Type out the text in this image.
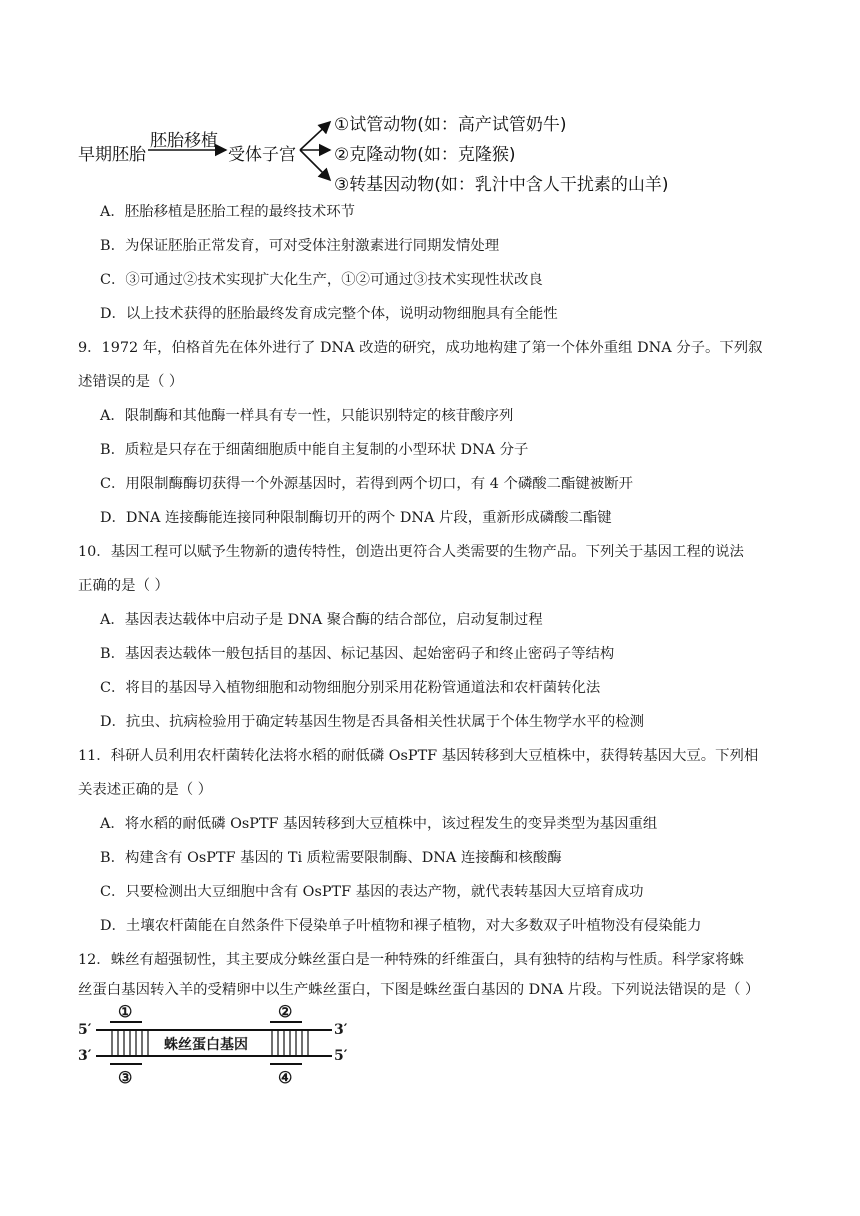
早期胚胎
胚胎移植
受体子宫
①试管动物(如：高产试管奶牛)
②克隆动物(如：克隆猴)
③转基因动物(如：乳汁中含人干扰素的山羊)
A．胚胎移植是胚胎工程的最终技术环节
B．为保证胚胎正常发育，可对受体注射激素进行同期发情处理
C．③可通过②技术实现扩大化生产，①②可通过③技术实现性状改良
D．以上技术获得的胚胎最终发育成完整个体，说明动物细胞具有全能性
9．1972 年，伯格首先在体外进行了 DNA 改造的研究，成功地构建了第一个体外重组 DNA 分子。下列叙
述错误的是（ ）
A．限制酶和其他酶一样具有专一性，只能识别特定的核苷酸序列
B．质粒是只存在于细菌细胞质中能自主复制的小型环状 DNA 分子
C．用限制酶酶切获得一个外源基因时，若得到两个切口，有 4 个磷酸二酯键被断开
D．DNA 连接酶能连接同种限制酶切开的两个 DNA 片段，重新形成磷酸二酯键
10．基因工程可以赋予生物新的遗传特性，创造出更符合人类需要的生物产品。下列关于基因工程的说法
正确的是（ ）
A．基因表达载体中启动子是 DNA 聚合酶的结合部位，启动复制过程
B．基因表达载体一般包括目的基因、标记基因、起始密码子和终止密码子等结构
C．将目的基因导入植物细胞和动物细胞分别采用花粉管通道法和农杆菌转化法
D．抗虫、抗病检验用于确定转基因生物是否具备相关性状属于个体生物学水平的检测
11．科研人员利用农杆菌转化法将水稻的耐低磷 OsPTF 基因转移到大豆植株中，获得转基因大豆。下列相
关表述正确的是（ ）
A．将水稻的耐低磷 OsPTF 基因转移到大豆植株中，该过程发生的变异类型为基因重组
B．构建含有 OsPTF 基因的 Ti 质粒需要限制酶、DNA 连接酶和核酸酶
C．只要检测出大豆细胞中含有 OsPTF 基因的表达产物，就代表转基因大豆培育成功
D．土壤农杆菌能在自然条件下侵染单子叶植物和裸子植物，对大多数双子叶植物没有侵染能力
12．蛛丝有超强韧性，其主要成分蛛丝蛋白是一种特殊的纤维蛋白，具有独特的结构与性质。科学家将蛛
丝蛋白基因转入羊的受精卵中以生产蛛丝蛋白，下图是蛛丝蛋白基因的 DNA 片段。下列说法错误的是（ ）
5′	3′
3′	5′
蛛丝蛋白基因
①	②
③	④
